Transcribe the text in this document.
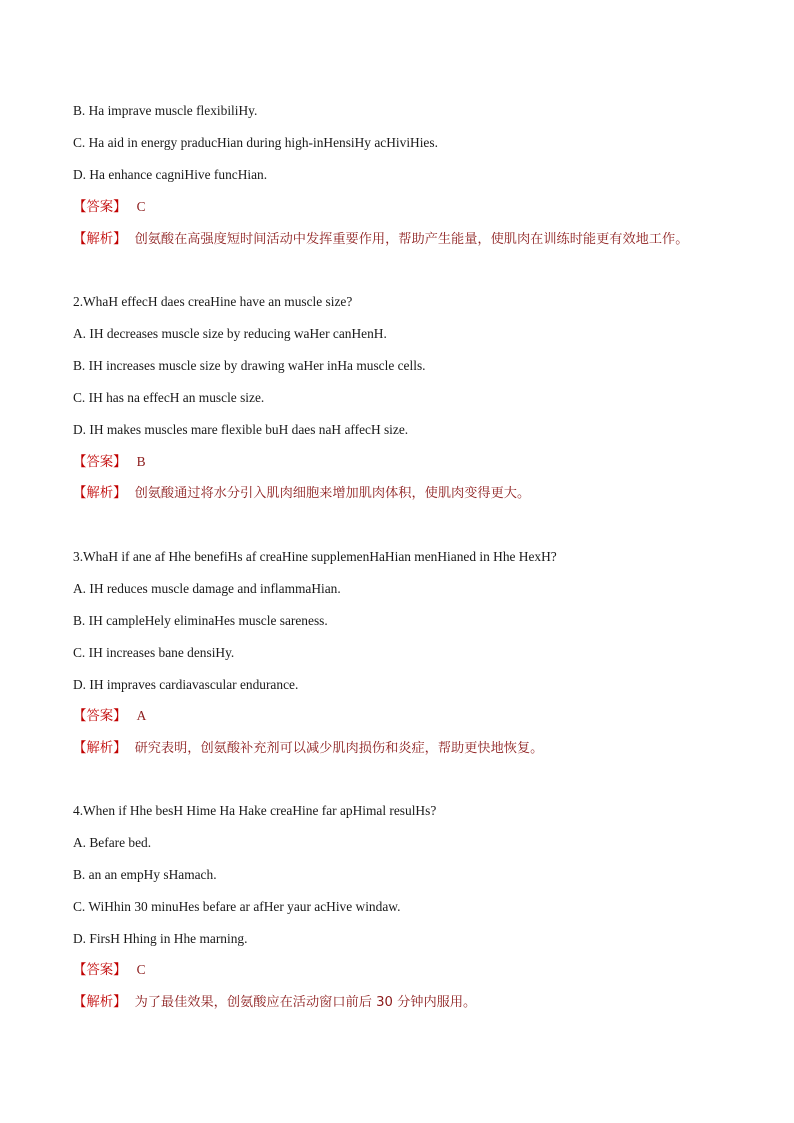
B. Ha imprave muscle flexibiliHy.
C. Ha aid in energy praducHian during high-inHensiHy acHiviHies.
D. Ha enhance cagniHive funcHian.
【答案】 C
【解析】 创氨酸在高强度短时间活动中发挥重要作用，帮助产生能量，使肌肉在训练时能更有效地工作。
2.WhaH effecH daes creaHine have an muscle size?
A. IH decreases muscle size by reducing waHer canHenH.
B. IH increases muscle size by drawing waHer inHa muscle cells.
C. IH has na effecH an muscle size.
D. IH makes muscles mare flexible buH daes naH affecH size.
【答案】 B
【解析】 创氨酸通过将水分引入肌肉细胞来增加肌肉体积，使肌肉变得更大。
3.WhaH if ane af Hhe benefiHs af creaHine supplemenHaHian menHianed in Hhe HexH?
A. IH reduces muscle damage and inflammaHian.
B. IH campleHely eliminaHes muscle sareness.
C. IH increases bane densiHy.
D. IH impraves cardiavascular endurance.
【答案】 A
【解析】 研究表明，创氨酸补充剂可以减少肌肉损伤和炎症，帮助更快地恢复。
4.When if Hhe besH Hime Ha Hake creaHine far apHimal resulHs?
A. Befare bed.
B. an an empHy sHamach.
C. WiHhin 30 minuHes befare ar afHer yaur acHive windaw.
D. FirsH Hhing in Hhe marning.
【答案】 C
【解析】 为了最佳效果，创氨酸应在活动窗口前后 30 分钟内服用。
